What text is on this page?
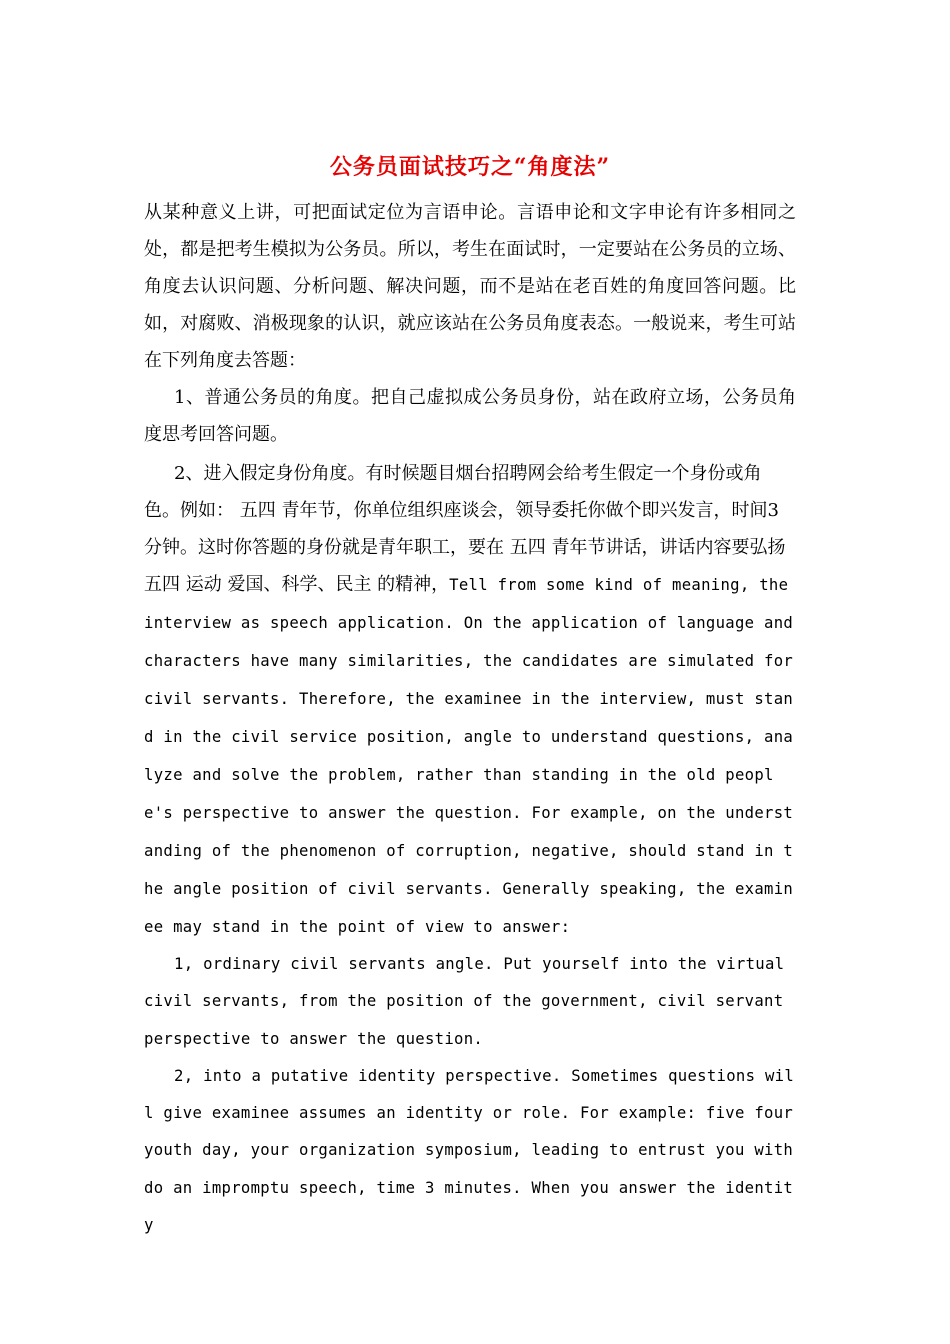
公务员面试技巧之“角度法”

从某种意义上讲，可把面试定位为言语申论。言语申论和文字申论有许多相同之处，都是把考生模拟为公务员。所以，考生在面试时，一定要站在公务员的立场、角度去认识问题、分析问题、解决问题，而不是站在老百姓的角度回答问题。比如，对腐败、消极现象的认识，就应该站在公务员角度表态。一般说来，考生可站在下列角度去答题：

1、普通公务员的角度。把自己虚拟成公务员身份，站在政府立场，公务员角度思考回答问题。

2、进入假定身份角度。有时候题目烟台招聘网会给考生假定一个身份或角色。例如： 五四 青年节，你单位组织座谈会，领导委托你做个即兴发言，时间3分钟。这时你答题的身份就是青年职工，要在 五四 青年节讲话，讲话内容要弘扬 五四 运动 爱国、科学、民主 的精神，Tell from some kind of meaning, the interview as speech application. On the application of language and characters have many similarities, the candidates are simulated for civil servants. Therefore, the examinee in the interview, must stand in the civil service position, angle to understand questions, analyze and solve the problem, rather than standing in the old people's perspective to answer the question. For example, on the understanding of the phenomenon of corruption, negative, should stand in the angle position of civil servants. Generally speaking, the examinee may stand in the point of view to answer:

1, ordinary civil servants angle. Put yourself into the virtual civil servants, from the position of the government, civil servant perspective to answer the question.

2, into a putative identity perspective. Sometimes questions will give examinee assumes an identity or role. For example: five four youth day, your organization symposium, leading to entrust you with do an impromptu speech, time 3 minutes. When you answer the identity
